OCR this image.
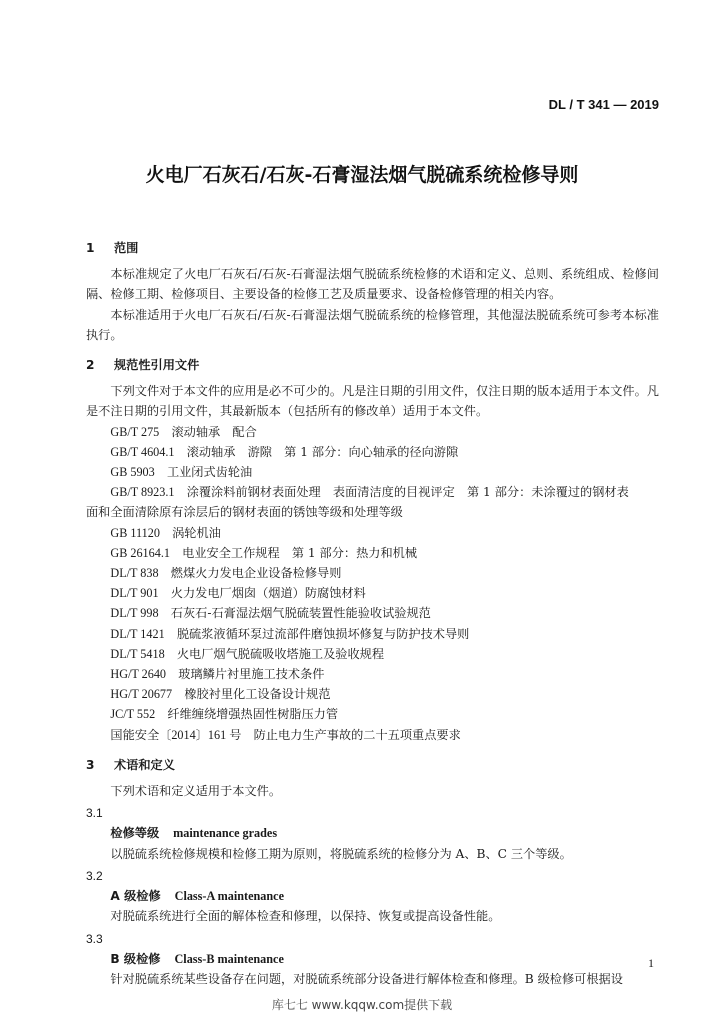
DL / T 341 — 2019
火电厂石灰石/石灰-石膏湿法烟气脱硫系统检修导则
1 范围

本标准规定了火电厂石灰石/石灰-石膏湿法烟气脱硫系统检修的术语和定义、总则、系统组成、检修间隔、检修工期、检修项目、主要设备的检修工艺及质量要求、设备检修管理的相关内容。

本标准适用于火电厂石灰石/石灰-石膏湿法烟气脱硫系统的检修管理，其他湿法脱硫系统可参考本标准执行。

2 规范性引用文件

下列文件对于本文件的应用是必不可少的。凡是注日期的引用文件，仅注日期的版本适用于本文件。凡是不注日期的引用文件，其最新版本（包括所有的修改单）适用于本文件。

GB/T 275　 滚动轴承　配合
GB/T 4604.1　 滚动轴承　游隙　第 1 部分：向心轴承的径向游隙
GB 5903　 工业闭式齿轮油
GB/T 8923.1　 涂覆涂料前钢材表面处理　表面清洁度的目视评定　第 1 部分：未涂覆过的钢材表
面和全面清除原有涂层后的钢材表面的锈蚀等级和处理等级
GB 11120　 涡轮机油
GB 26164.1　 电业安全工作规程　第 1 部分：热力和机械
DL/T 838　 燃煤火力发电企业设备检修导则
DL/T 901　 火力发电厂烟囱（烟道）防腐蚀材料
DL/T 998　 石灰石-石膏湿法烟气脱硫装置性能验收试验规范
DL/T 1421　 脱硫浆液循环泵过流部件磨蚀损坏修复与防护技术导则
DL/T 5418　 火电厂烟气脱硫吸收塔施工及验收规程
HG/T 2640　 玻璃鳞片衬里施工技术条件
HG/T 20677　 橡胶衬里化工设备设计规范
JC/T 552　 纤维缠绕增强热固性树脂压力管
国能安全〔2014〕161 号　 防止电力生产事故的二十五项重点要求
3 术语和定义

下列术语和定义适用于本文件。

3.1
检修等级 maintenance grades

以脱硫系统检修规模和检修工期为原则，将脱硫系统的检修分为 A、B、C 三个等级。

3.2
A 级检修 Class-A maintenance

对脱硫系统进行全面的解体检查和修理，以保持、恢复或提高设备性能。

3.3
B 级检修 Class-B maintenance

针对脱硫系统某些设备存在问题，对脱硫系统部分设备进行解体检查和修理。B 级检修可根据设

1
库七七 www.kqqw.com提供下载
